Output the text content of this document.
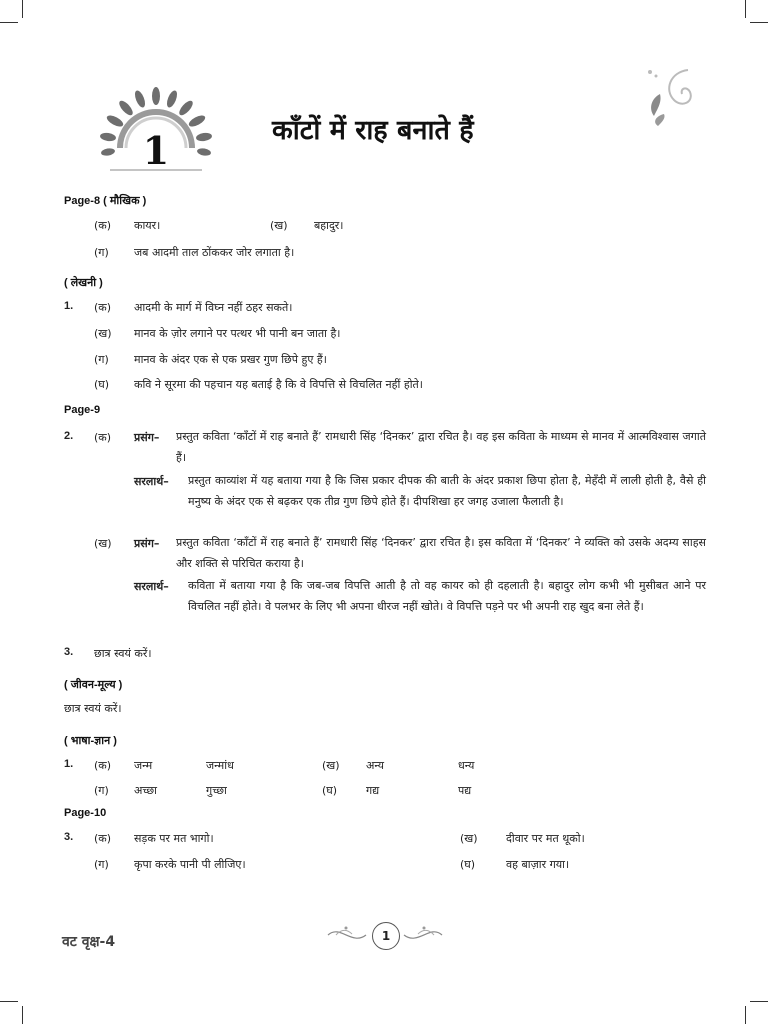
1	काँटों में राह बनाते हैं
Page-8 ( मौखिक )
(क) कायर।	(ख) बहादुर।
(ग) जब आदमी ताल ठोंककर जोर लगाता है।
( लेखनी )
1. (क) आदमी के मार्ग में विघ्न नहीं ठहर सकते।
(ख) मानव के ज़ोर लगाने पर पत्थर भी पानी बन जाता है।
(ग) मानव के अंदर एक से एक प्रखर गुण छिपे हुए हैं।
(घ) कवि ने सूरमा की पहचान यह बताई है कि वे विपत्ति से विचलित नहीं होते।
Page-9
2. (क) प्रसंग– प्रस्तुत कविता ‘काँटों में राह बनाते हैं’ रामधारी सिंह ‘दिनकर’ द्वारा रचित है। वह इस कविता के माध्यम से मानव में आत्मविश्वास जगाते हैं।
सरलार्थ– प्रस्तुत काव्यांश में यह बताया गया है कि जिस प्रकार दीपक की बाती के अंदर प्रकाश छिपा होता है, मेहँदी में लाली होती है, वैसे ही मनुष्य के अंदर एक से बढ़कर एक तीव्र गुण छिपे होते हैं। दीपशिखा हर जगह उजाला फैलाती है।
(ख) प्रसंग– प्रस्तुत कविता ‘काँटों में राह बनाते हैं’ रामधारी सिंह ‘दिनकर’ द्वारा रचित है। इस कविता में ‘दिनकर’ ने व्यक्ति को उसके अदम्य साहस और शक्ति से परिचित कराया है।
सरलार्थ– कविता में बताया गया है कि जब-जब विपत्ति आती है तो वह कायर को ही दहलाती है। बहादुर लोग कभी भी मुसीबत आने पर विचलित नहीं होते। वे पलभर के लिए भी अपना धीरज नहीं खोते। वे विपत्ति पड़ने पर भी अपनी राह खुद बना लेते हैं।
3. छात्र स्वयं करें।
( जीवन-मूल्य )
छात्र स्वयं करें।
( भाषा-ज्ञान )
1. (क) जन्म	जन्मांध	(ख) अन्य	धन्य
(ग) अच्छा	गुच्छा	(घ)	गद्य	पद्य
Page-10
3. (क) सड़क पर मत भागो।	(ख)	दीवार पर मत थूको।
(ग) कृपा करके पानी पी लीजिए।	(घ)	वह बाज़ार गया।
वट वृक्ष-4	1
